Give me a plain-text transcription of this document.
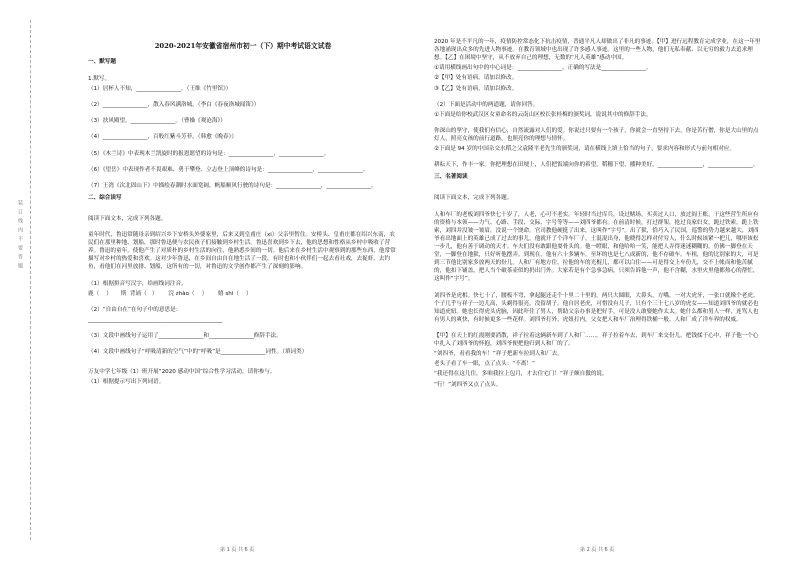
装订线内不要答题
2020-2021年安徽省宿州市初一（下）期中考试语文试卷
一、默写题
1.默写。
（1）居杯人不知，________________。（王维《竹里馆》）
（2）________________，散入春风满洛城。（李白《春夜洛城闻笛》）
（3）扶风殿望，________________。（曹操《观沧海》）
（4）________________，百般红紫斗芳菲。（韩愈《晚春》）
（5）《木兰诗》中表现木兰凯旋时的报恩愿望的诗句是：________________，________________。
（6）《望岳》中表现作者不畏艰难、勇于攀登、立志登上顶峰的诗句是：________________，________________。
（7）王湾《次北固山下》中描绘春潮时水面宽阔，帆船顺风行驶的诗句是：________________，________________。
二、综合读写
阅读下面文本，完成下列各题。
童年时代，鲁迅常随母亲到绍兴乡下安桥头外婆家里，后来又到皇甫庄（xi）父亲里暂住。安桥头、皇甫庄都在绍兴东南，农民们在那里种地、划船，那时鲁迅便与农民孩子们接触到乡村生活。鲁迅喜欢到乡下去，他的思想和性格从乡村中吸收了营养。鲁迅的童年，使他产生了对质朴的乡村生活的向往，他熟悉乡间的一切。他后来在乡村生活中观察到的那些东西，他常常描写对乡村的热爱和喜欢。这对少年鲁迅，在乡间自由自在地生活了一段，有时也和小伙伴们一起去看社戏，去捉虾、去钓鱼，看他们在河里放排、划船，这所有的一切，对鲁迅的文学创作都产生了深刻的影响。
（1）根据拼音写汉字，给画线词注音。
鹿（    ）     斯  背诵（   ）      浣 zhào（    ）      嬉 shì（    ）
（2）“自由自在”在句子中的意思是：
________________________________________________
（3）文段中画线句子运用了________________和________________修辞手法。
（4）文段中画线句子“呼吸清新的空气”中的“呼吸”是________________词性。（填词类）
万友中学七年级（1）班开展“2020 感动中国”综合性学习活动，请你参与。
（1）根据提示写出下列词语。
2020 年是不平凡的一年，疫情防控常态化下抗击疫情，普通平凡人却做出了非凡的事迹。【甲】进行远程教育完成学业，在这一年里各地涌现出众多的先进人物事迹。在教育领域中也出现了许多感人事迹。这里的一些人物，他们无私奉献、以无穷的毅力去追求理想。【乙】在困境中坚守，从不放弃自己的理想，无数的“凡人英雄”感动中国。
①请用横线画出句中的中心词是：________________，正确的写法是________________。
②【甲】处有语病，请加以修改。
③【乙】处有语病，请加以修改。
（2）下面是活动中的两道题，请你回答。
①下面是给你校武汉区女童命名的云南山区校长张桂梅的颁奖词，说说其中的修辞手法。
你深山的坚守，使我们有信心，自然流露对人们的爱。你说过只要有一个孩子，你就会一直坚持下去，你是苦行僧，你是大山里的点灯人，照亮女孩的前行道路，也照亮你的理想与情怀。
②下面是 94 岁的中国杂交水稻之父袁隆平老先生的颁奖词，请在横线上填上恰当的句子，要求内容和形式与前句相对应。
耕耘天下，作丰一家。你把理想在田埂上，人们把饭端向你的希望。稻穗下望，播种美好，________________，________________。
三、名著阅读
阅读下面文本，完成下列各题。
人和车厂的老板刘四爷快七十岁了，人老，心可不老实。年轻时当过库兵，设过赌场，买卖过人口，放过阎王账。干这些营生所应有的资格与本领——力气、心路、手段、交际、字号等等——刘四爷都有。在前清时候，打过群架，抢过良家妇女，跪过铁索。跪上铁索，刘四并没皱一皱眉，没说一个饶命。官司教他硬挺了出来，这叫作“字号”。出了狱，恰巧入了民国，巡警的势力越来越大，刘四爷看出地面上的英雄已成了过去的事儿，他就开了个洋车厂子。土混混出身，他晓得怎样对付穷人，什么时候该紧一把儿，哪里该松一步儿，他有善于调动的天才。车夫们没有敢跟他耍骨头的。他一瞪眼，和他哈哈一笑，能把人弄得迷迷糊糊的，仿佛一脚登在天堂，一脚登在地狱，只好听他摆弄。到现在，他有六十多辆车，至坏的也是七八成新的，他不存破车。车租，他的比别家的大，可是到三节他比别家多放两天的份儿。人和厂有地方住，拉他的车的光棍儿，都可以白住——可是得交上车份儿，交不上帐而和他苦腻的，他扣下铺盖，把人当个破茶壶似的扔出门外。大家若是有个急事急病，只须告诉他一声，他不含糊，水里火里他都热心的帮忙，这叫作“字号”。
刘四爷是虎相。快七十了，腰板不弯，拿起腿还走个十里二十里的。两只大圆眼，大鼻头，方嘴，一对大虎牙，一张口就像个老虎。个子几乎与祥子一边儿高，头剃得很亮，没留胡子。他自居老虎，可惜没有儿子，只有个三十七八岁的虎女——知道刘四爷的就必也知道虎妞。她也长得虎头虎脑，因此吓住了男人，帮助父亲办事是把好手，可是没人敢娶她作太太。她什么都和男人一样，连骂人也有男人的爽快，有时候更多一些花样。刘四爷打外，虎妞打内，父女把人和车厂治理得铁桶一般。人和厂成了洋车界的权威。
【甲】在天上的红霞刚要消散，祥子拉着这辆新车到了人和厂……。祥子拉着车去，到车厂来交份儿。把钱揉于心中，祥子他一个心中扎入了刘四爷的怀抱，刘四爷便把他归到人和厂的了。
“刘四爷，看看我的车！”祥子把新车拉到人和厂去。
老头子看了车一眼，点了点头：“不离！”
“我还得在这儿住，多咱我拉上包月，才去住宅门！”祥子颇自傲的说。
“行！”刘四爷又点了点头。
第 1 页 共 6 页	第 2 页 共 6 页
